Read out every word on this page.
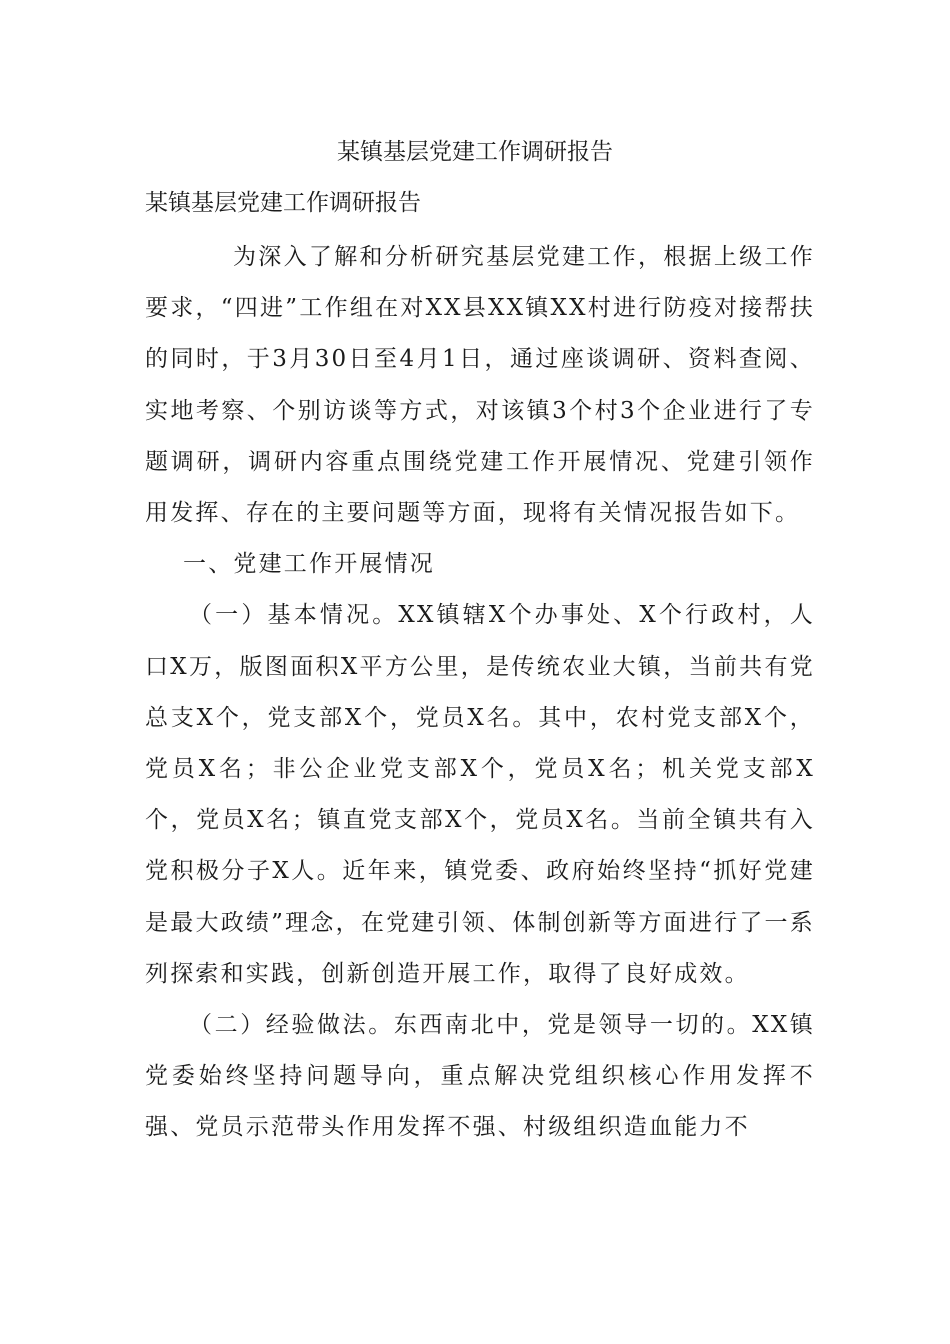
某镇基层党建工作调研报告
某镇基层党建工作调研报告

为深入了解和分析研究基层党建工作，根据上级工作要求，“四进”工作组在对XX县XX镇XX村进行防疫对接帮扶的同时，于3月30日至4月1日，通过座谈调研、资料查阅、实地考察、个别访谈等方式，对该镇3个村3个企业进行了专题调研，调研内容重点围绕党建工作开展情况、党建引领作用发挥、存在的主要问题等方面，现将有关情况报告如下。

一、党建工作开展情况

（一）基本情况。XX镇辖X个办事处、X个行政村，人口X万，版图面积X平方公里，是传统农业大镇，当前共有党总支X个，党支部X个，党员X名。其中，农村党支部X个，党员X名；非公企业党支部X个，党员X名；机关党支部X个，党员X名；镇直党支部X个，党员X名。当前全镇共有入党积极分子X人。近年来，镇党委、政府始终坚持“抓好党建是最大政绩”理念，在党建引领、体制创新等方面进行了一系列探索和实践，创新创造开展工作，取得了良好成效。

（二）经验做法。东西南北中，党是领导一切的。XX镇党委始终坚持问题导向，重点解决党组织核心作用发挥不强、党员示范带头作用发挥不强、村级组织造血能力不
